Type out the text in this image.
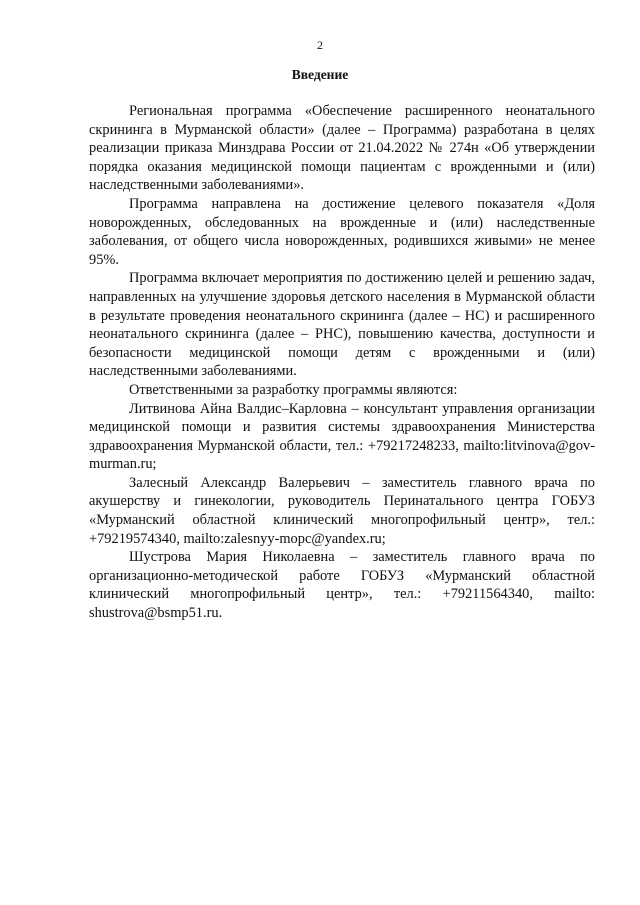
2
Введение

Региональная программа «Обеспечение расширенного неонатального скрининга в Мурманской области» (далее – Программа) разработана в целях реализации приказа Минздрава России от 21.04.2022 № 274н «Об утверждении порядка оказания медицинской помощи пациентам с врожденными и (или) наследственными заболеваниями».

Программа направлена на достижение целевого показателя «Доля новорожденных, обследованных на врожденные и (или) наследственные заболевания, от общего числа новорожденных, родившихся живыми» не менее 95%.

Программа включает мероприятия по достижению целей и решению задач, направленных на улучшение здоровья детского населения в Мурманской области в результате проведения неонатального скрининга (далее – НС) и расширенного неонатального скрининга (далее – РНС), повышению качества, доступности и безопасности медицинской помощи детям с врожденными и (или) наследственными заболеваниями.

Ответственными за разработку программы являются:

Литвинова Айна Валдис–Карловна – консультант управления организации медицинской помощи и развития системы здравоохранения Министерства здравоохранения Мурманской области, тел.: +79217248233, mailto:litvinova@gov-murman.ru;

Залесный Александр Валерьевич – заместитель главного врача по акушерству и гинекологии, руководитель Перинатального центра ГОБУЗ «Мурманский областной клинический многопрофильный центр», тел.: +79219574340, mailto:zalesnyy-mopc@yandex.ru;

Шустрова Мария Николаевна – заместитель главного врача по организационно-методической работе ГОБУЗ «Мурманский областной клинический многопрофильный центр», тел.: +79211564340, mailto: shustrova@bsmp51.ru.
